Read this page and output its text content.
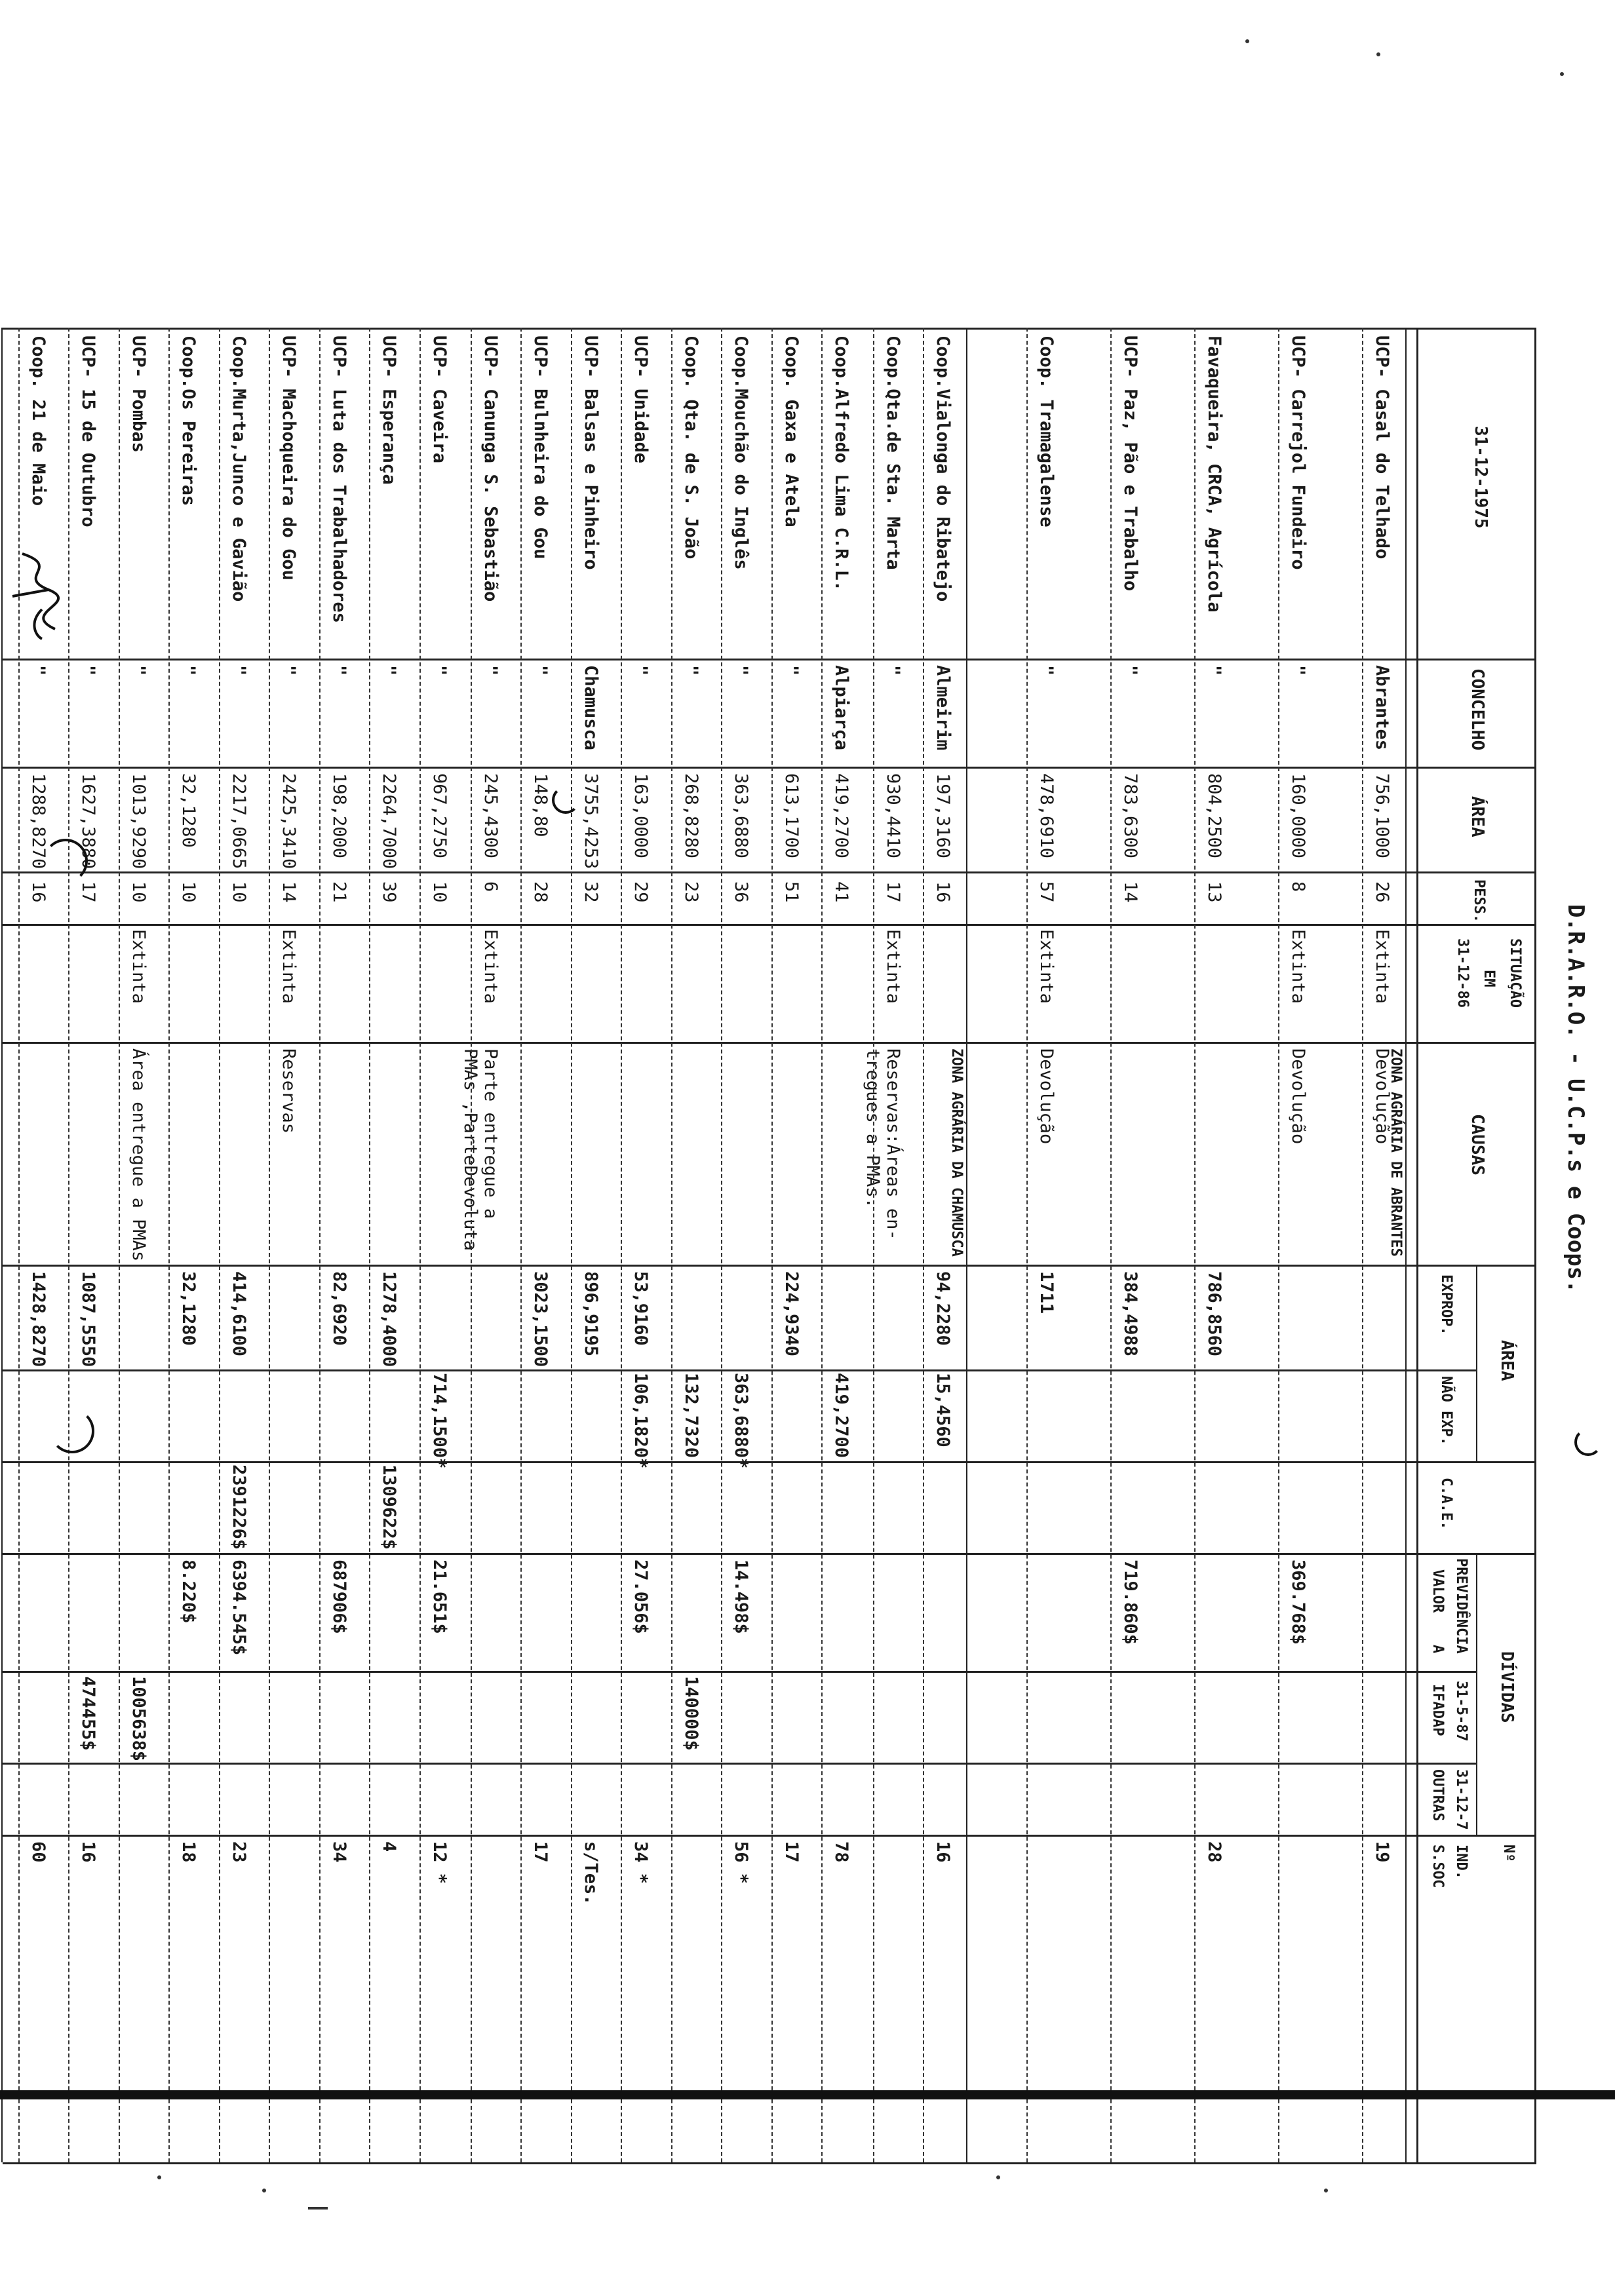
D.R.A.R.O. - U.C.P.s e Coops.
31-12-1975
CONCELHO
ÁREA
PESS.
SITUAÇÃO
EM
31-12-86
CAUSAS
ÁREA
EXPROP.
NÃO EXP.
C.A.E.
DÍVIDAS
PREVIDÊNCIA
VALOR
A
31-5-87
IFADAP
31-12-7
OUTRAS
Nº
IND.
S.SOC
ZONA AGRÁRIA DE ABRANTES
ZONA AGRÁRIA DA CHAMUSCA
UCP- Casal do Telhado
Abrantes
756,1000
26
Extinta
Devolução
19
UCP- Carrejol Fundeiro
"
160,0000
8
Extinta
Devolução
369.768$
Favaqueira, CRCA, Agrícola
"
804,2500
13
786,8560
28
UCP- Paz, Pão e Trabalho
"
783,6300
14
384,4988
719.860$
Coop. Tramagalense
"
478,6910
57
Extinta
Devolução
1711
Coop.Vialonga do Ribatejo
Almeirim
197,3160
16
94,2280
15,4560
16
Coop.Qta.de Sta. Marta
"
930,4410
17
Extinta
Reservas:Áreas en-
tregues a PMAs.
Coop.Alfredo Lima C.R.L.
Alpiarça
419,2700
41
419,2700
78
Coop. Gaxa e Atela
"
613,1700
51
224,9340
17
Coop.Mouchão do Inglês
"
363,6880
36
363,6880*
14.498$
56 *
Coop. Qta. de S. João
"
268,8280
23
132,7320
140000$
UCP- Unidade
"
163,0000
29
53,9160
106,1820*
27.056$
34 *
UCP- Balsas e Pinheiro
Chamusca
3755,4253
32
896,9195
s/Tes.
UCP- Bulnheira do Gou
"
148,80
28
3023,1500
17
UCP- Canunga S. Sebastião
"
245,4300
6
Extinta
Parte entregue a
PMAs ,ParteDevoluta
UCP- Caveira
"
967,2750
10
714,1500*
21.651$
12 *
UCP- Esperança
"
2264,7000
39
1278,4000
1309622$
4
UCP- Luta dos Trabalhadores
"
198,2000
21
82,6920
687906$
34
UCP- Machoqueira do Gou
"
2425,3410
14
Extinta
Reservas
Coop.Murta,Junco e Gavião
"
2217,0665
10
414,6100
2391226$
6394.545$
23
Coop.Os Pereiras
"
32,1280
10
32,1280
8.220$
18
UCP- Pombas
"
1013,9290
10
Extinta
Área entregue a PMAs
1005638$
UCP- 15 de Outubro
"
1627,3880
17
1087,5550
474455$
16
Coop. 21 de Maio
"
1288,8270
16
1428,8270
60
